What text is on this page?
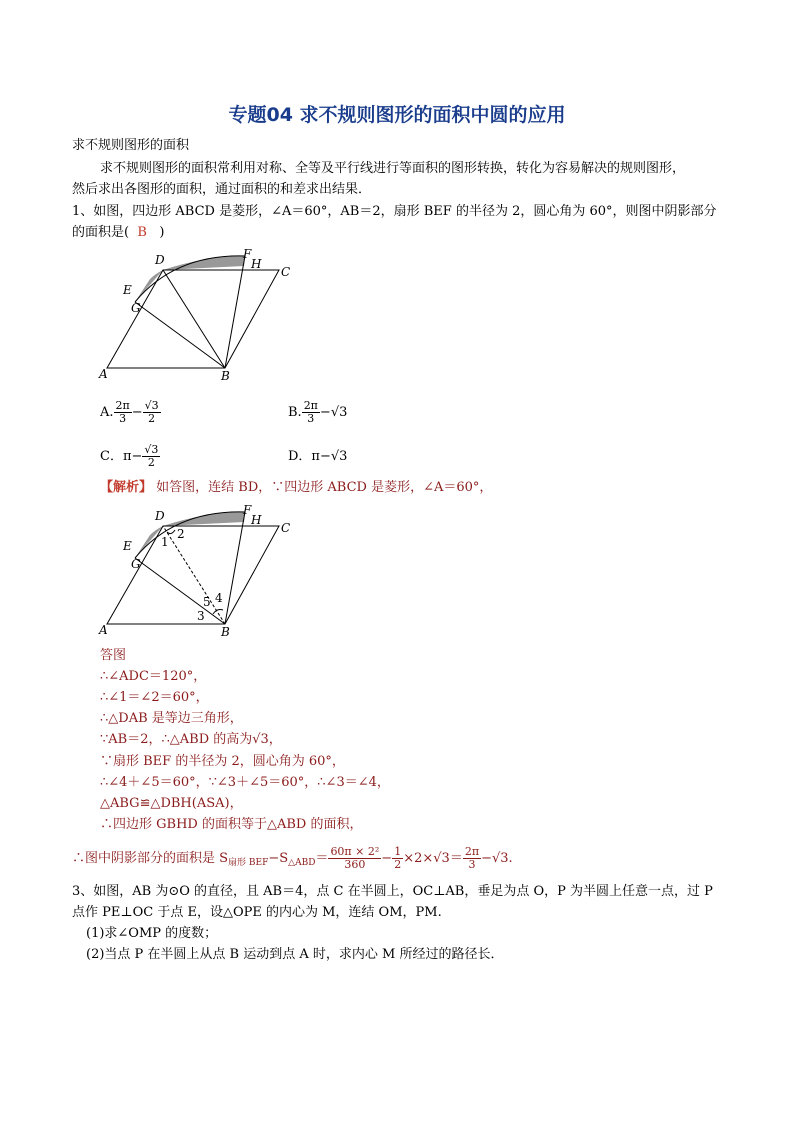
专题04 求不规则图形的面积中圆的应用
求不规则图形的面积
求不规则图形的面积常利用对称、全等及平行线进行等面积的图形转换，转化为容易解决的规则图形，
然后求出各图形的面积，通过面积的和差求出结果．
1、如图，四边形 ABCD 是菱形，∠A＝60°，AB＝2，扇形 BEF 的半径为 2，圆心角为 60°，则图中阴影部分
的面积是( B )
A	B
C
D
E
F
G
H
A. $\frac{2\pi}{3} - \frac{√3}{2}$	B. $\frac{2\pi}{3} -√3$
C．$\pi- \frac{√3}{2}$	D．π−√3
【解析】 如答图，连结 BD，∵四边形 ABCD 是菱形，∠A＝60°，
A	B
C
D
E
F
G
H
1
2
3
4
5
答图
∴∠ADC＝120°，
∴∠1＝∠2＝60°，
∴△DAB 是等边三角形，
∵AB＝2，∴△ABD 的高为√3，
∵扇形 BEF 的半径为 2，圆心角为 60°，
∴∠4＋∠5＝60°，∵∠3＋∠5＝60°，∴∠3＝∠4，
△ABG≌△DBH(ASA)，
∴四边形 GBHD 的面积等于△ABD 的面积，
∴图中阴影部分的面积是 $S_{扇形 BEF}-S_{\triangle ABD}= \frac{\text{60π × 2²}}{360} - \frac{1}{2} \times 2\times√3= \frac{2\pi}{3} -√3$.
3、如图，AB 为⊙O 的直径，且 AB＝4，点 C 在半圆上，OC⊥AB，垂足为点 O，P 为半圆上任意一点，过 P
点作 PE⊥OC 于点 E，设△OPE 的内心为 M，连结 OM，PM.
(1)求∠OMP 的度数；
(2)当点 P 在半圆上从点 B 运动到点 A 时，求内心 M 所经过的路径长．
